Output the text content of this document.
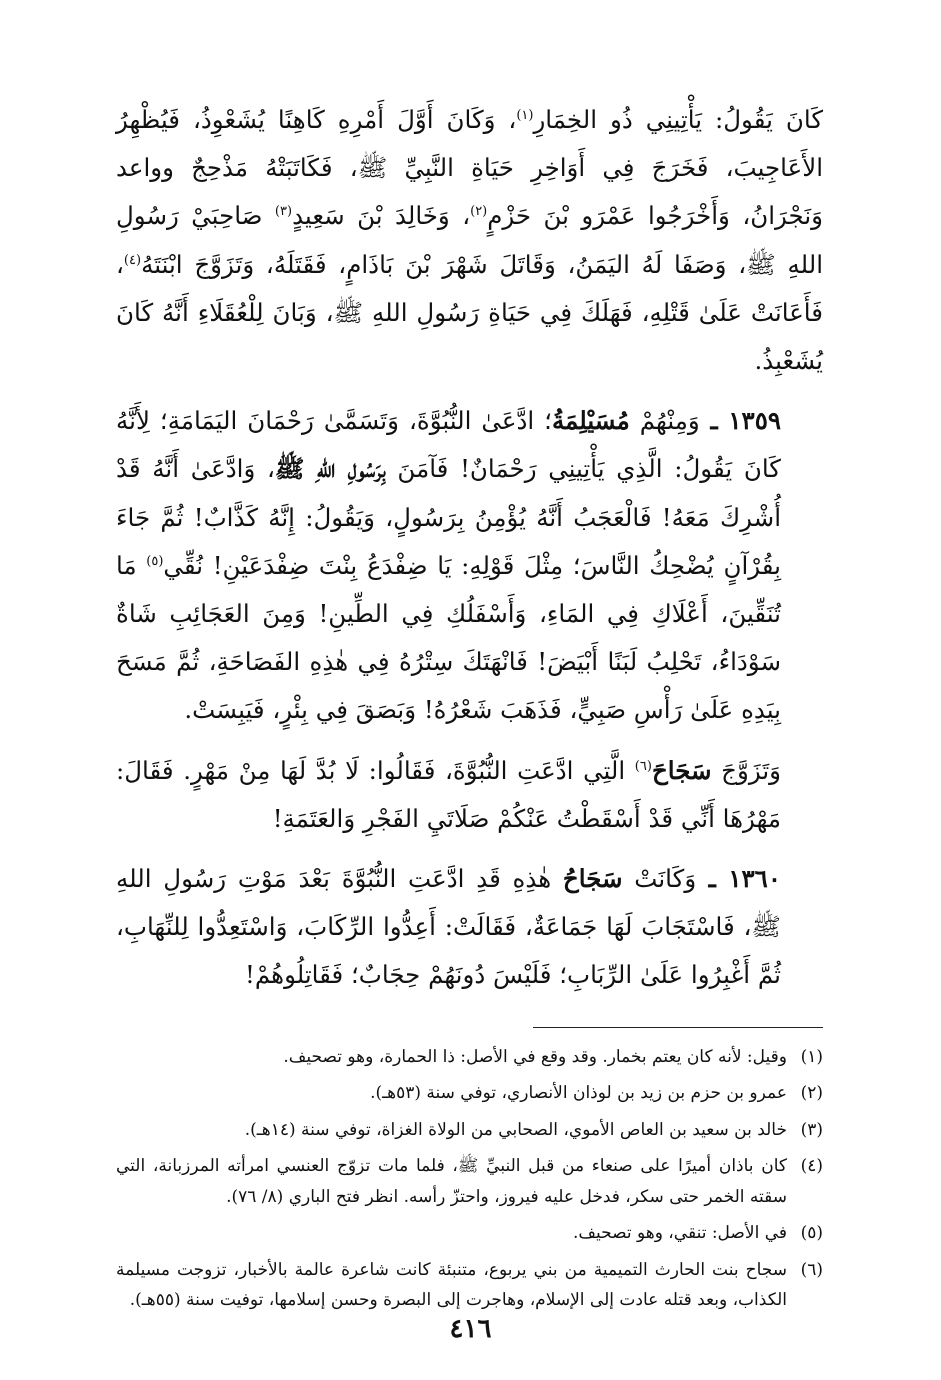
كَانَ يَقُولُ: يَأْتِينِي ذُو الخِمَارِ$^{(١)}$، وَكَانَ أَوَّلَ أَمْرِهِ كَاهِنًا يُشَعْوِذُ، فَيُظْهِرُ الأَعَاجِيبَ، فَخَرَجَ فِي أَوَاخِرِ حَيَاةِ النَّبِيِّ ﷺ، فَكَاتَبَتْهُ مَذْحِجٌ وواعد وَنَجْرَانُ، وَأَخْرَجُوا عَمْرَو بْنَ حَزْمٍ$^{(٢)}$، وَخَالِدَ بْنَ سَعِيدٍ$^{(٣)}$ صَاحِبَيْ رَسُولِ اللهِ ﷺ، وَصَفَا لَهُ اليَمَنُ، وَقَاتَلَ شَهْرَ بْنَ بَاذَامٍ، فَقَتَلَهُ، وَتَزَوَّجَ ابْنَتَهُ$^{(٤)}$، فَأَعَانَتْ عَلَىٰ قَتْلِهِ، فَهَلَكَ فِي حَيَاةِ رَسُولِ اللهِ ﷺ، وَبَانَ لِلْعُقَلَاءِ أَنَّهُ كَانَ يُشَعْبِذُ.

١٣٥٩ ـ وَمِنْهُمْ مُسَيْلِمَةُ؛ ادَّعَىٰ النُّبُوَّةَ، وَتَسَمَّىٰ رَحْمَانَ اليَمَامَةِ؛ لِأَنَّهُ كَانَ يَقُولُ: الَّذِي يَأْتِينِي رَحْمَانٌ! فَآمَنَ بِرَسُولِ اللهِ ﷺ، وَادَّعَىٰ أَنَّهُ قَدْ أُشْرِكَ مَعَهُ! فَالْعَجَبُ أَنَّهُ يُؤْمِنُ بِرَسُولٍ، وَيَقُولُ: إِنَّهُ كَذَّابٌ! ثُمَّ جَاءَ بِقُرْآنٍ يُضْحِكُ النَّاسَ؛ مِثْلَ قَوْلِهِ: يَا ضِفْدَعُ بِنْتَ ضِفْدَعَيْنِ! نُقِّي$^{(٥)}$ مَا تُنَقِّينَ، أَعْلَاكِ فِي المَاءِ، وَأَسْفَلُكِ فِي الطِّينِ! وَمِنَ العَجَائِبِ شَاةٌ سَوْدَاءُ، تَحْلِبُ لَبَنًا أَبْيَضَ! فَانْهَتَكَ سِتْرُهُ فِي هٰذِهِ الفَصَاحَةِ، ثُمَّ مَسَحَ بِيَدِهِ عَلَىٰ رَأْسِ صَبِيٍّ، فَذَهَبَ شَعْرُهُ! وَبَصَقَ فِي بِئْرٍ، فَيَبِسَتْ.

وَتَزَوَّجَ سَجَاحَ$^{(٦)}$ الَّتِي ادَّعَتِ النُّبُوَّةَ، فَقَالُوا: لَا بُدَّ لَهَا مِنْ مَهْرٍ. فَقَالَ: مَهْرُهَا أَنِّي قَدْ أَسْقَطْتُ عَنْكُمْ صَلَاتَيِ الفَجْرِ وَالعَتَمَةِ!

١٣٦٠ ـ وَكَانَتْ سَجَاحُ هٰذِهِ قَدِ ادَّعَتِ النُّبُوَّةَ بَعْدَ مَوْتِ رَسُولِ اللهِ ﷺ، فَاسْتَجَابَ لَهَا جَمَاعَةٌ، فَقَالَتْ: أَعِدُّوا الرِّكَابَ، وَاسْتَعِدُّوا لِلنِّهَابِ، ثُمَّ أَغْبِرُوا عَلَىٰ الرِّبَابِ؛ فَلَيْسَ دُونَهُمْ حِجَابٌ؛ فَقَاتِلُوهُمْ!

(١)
وقيل: لأنه كان يعتم بخمار. وقد وقع في الأصل: ذا الحمارة، وهو تصحيف.
(٢)
عمرو بن حزم بن زيد بن لوذان الأنصاري، توفي سنة (٥٣هـ).
(٣)
خالد بن سعيد بن العاص الأموي، الصحابي من الولاة الغزاة، توفي سنة (١٤هـ).
(٤)
كان باذان أميرًا على صنعاء من قبل النبيِّ ﷺ، فلما مات تزوّج العنسي امرأته المرزبانة، التي سقته الخمر حتى سكر، فدخل عليه فيروز، واحتزّ رأسه. انظر فتح الباري (٨/ ٧٦).
(٥)
في الأصل: تنقي، وهو تصحيف.
(٦)
سجاح بنت الحارث التميمية من بني يربوع، متنبئة كانت شاعرة عالمة بالأخبار، تزوجت مسيلمة الكذاب، وبعد قتله عادت إلى الإسلام، وهاجرت إلى البصرة وحسن إسلامها، توفيت سنة (٥٥هـ).
٤١٦
